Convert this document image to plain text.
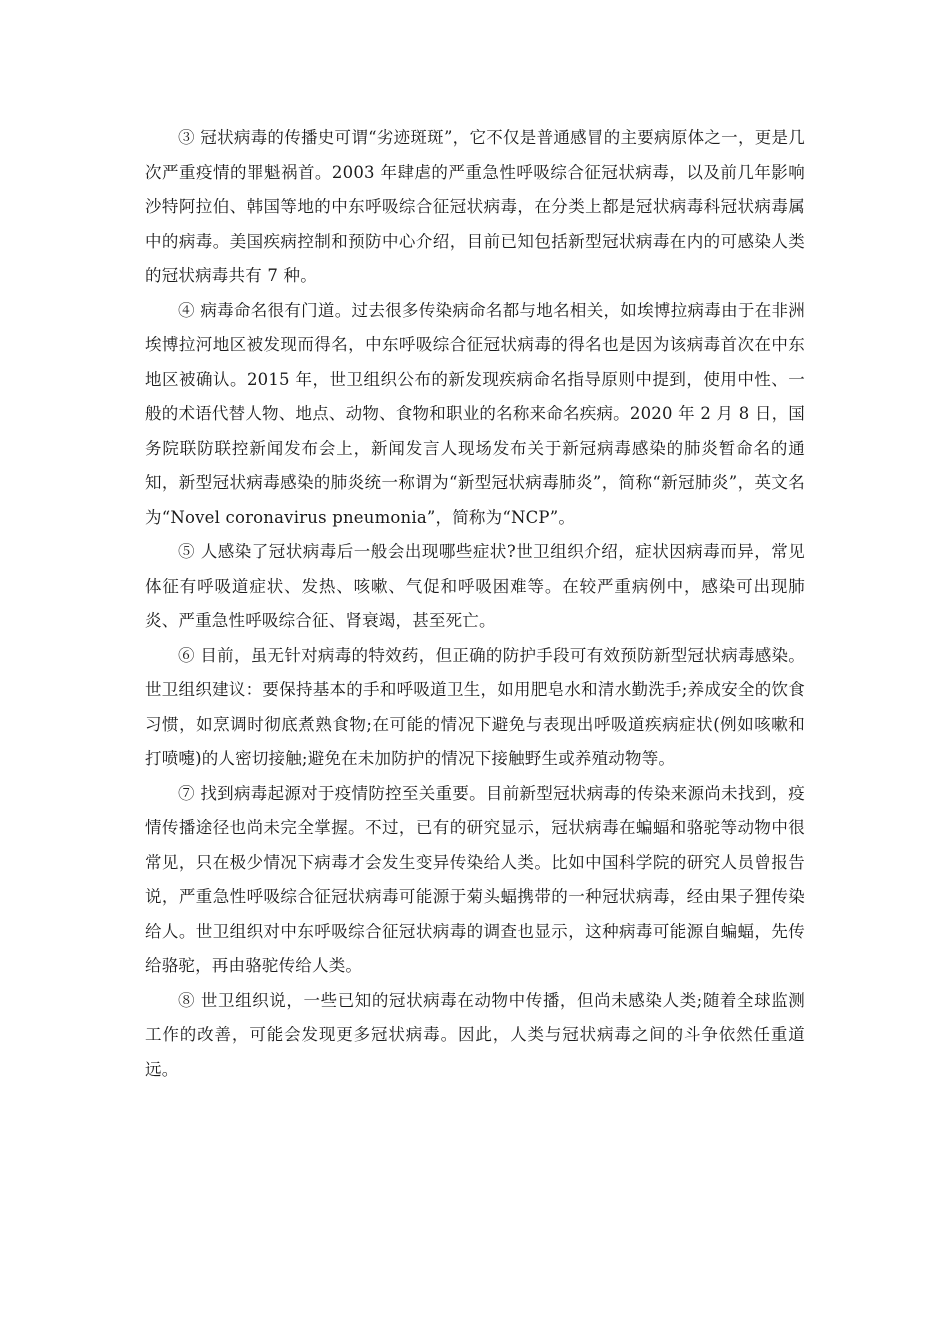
③ 冠状病毒的传播史可谓“劣迹斑斑”，它不仅是普通感冒的主要病原体之一，更是几次严重疫情的罪魁祸首。2003 年肆虐的严重急性呼吸综合征冠状病毒，以及前几年影响沙特阿拉伯、韩国等地的中东呼吸综合征冠状病毒，在分类上都是冠状病毒科冠状病毒属中的病毒。美国疾病控制和预防中心介绍，目前已知包括新型冠状病毒在内的可感染人类的冠状病毒共有 7 种。

④ 病毒命名很有门道。过去很多传染病命名都与地名相关，如埃博拉病毒由于在非洲埃博拉河地区被发现而得名，中东呼吸综合征冠状病毒的得名也是因为该病毒首次在中东地区被确认。2015 年，世卫组织公布的新发现疾病命名指导原则中提到，使用中性、一般的术语代替人物、地点、动物、食物和职业的名称来命名疾病。2020 年 2 月 8 日，国务院联防联控新闻发布会上，新闻发言人现场发布关于新冠病毒感染的肺炎暂命名的通知，新型冠状病毒感染的肺炎统一称谓为“新型冠状病毒肺炎”，简称“新冠肺炎”，英文名为“Novel coronavirus pneumonia”，简称为“NCP”。

⑤ 人感染了冠状病毒后一般会出现哪些症状?世卫组织介绍，症状因病毒而异，常见体征有呼吸道症状、发热、咳嗽、气促和呼吸困难等。在较严重病例中，感染可出现肺炎、严重急性呼吸综合征、肾衰竭，甚至死亡。

⑥ 目前，虽无针对病毒的特效药，但正确的防护手段可有效预防新型冠状病毒感染。世卫组织建议：要保持基本的手和呼吸道卫生，如用肥皂水和清水勤洗手;养成安全的饮食习惯，如烹调时彻底煮熟食物;在可能的情况下避免与表现出呼吸道疾病症状(例如咳嗽和打喷嚏)的人密切接触;避免在未加防护的情况下接触野生或养殖动物等。

⑦ 找到病毒起源对于疫情防控至关重要。目前新型冠状病毒的传染来源尚未找到，疫情传播途径也尚未完全掌握。不过，已有的研究显示，冠状病毒在蝙蝠和骆驼等动物中很常见，只在极少情况下病毒才会发生变异传染给人类。比如中国科学院的研究人员曾报告说，严重急性呼吸综合征冠状病毒可能源于菊头蝠携带的一种冠状病毒，经由果子狸传染给人。世卫组织对中东呼吸综合征冠状病毒的调查也显示，这种病毒可能源自蝙蝠，先传给骆驼，再由骆驼传给人类。

⑧ 世卫组织说，一些已知的冠状病毒在动物中传播，但尚未感染人类;随着全球监测工作的改善，可能会发现更多冠状病毒。因此，人类与冠状病毒之间的斗争依然任重道远。
